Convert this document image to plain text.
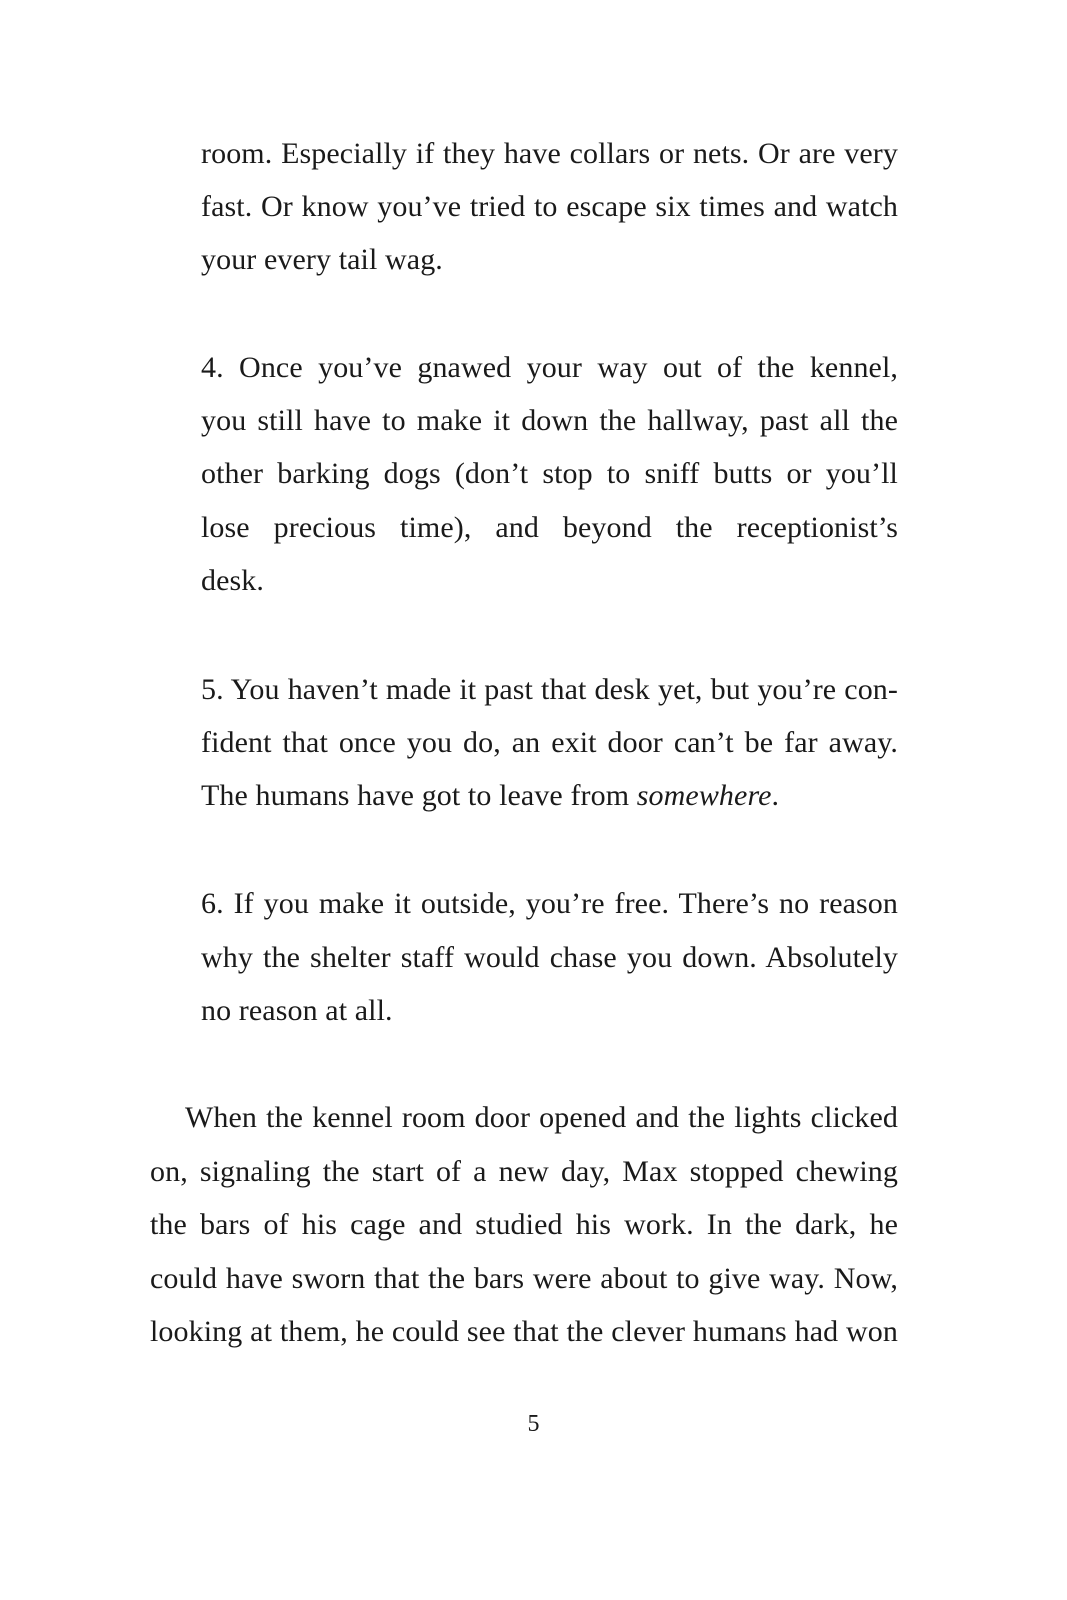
room. Especially if they have collars or nets. Or are very
fast. Or know you’ve tried to escape six times and watch
your every tail wag.
4. Once you’ve gnawed your way out of the kennel,
you still have to make it down the hallway, past all the
other barking dogs (don’t stop to sniff butts or you’ll
lose precious time), and beyond the receptionist’s
desk.
5. You haven’t made it past that desk yet, but you’re con-
fident that once you do, an exit door can’t be far away.
The humans have got to leave from somewhere.
6. If you make it outside, you’re free. There’s no reason
why the shelter staff would chase you down. Absolutely
no reason at all.
When the kennel room door opened and the lights clicked
on, signaling the start of a new day, Max stopped chewing
the bars of his cage and studied his work. In the dark, he
could have sworn that the bars were about to give way. Now,
looking at them, he could see that the clever humans had won
5
